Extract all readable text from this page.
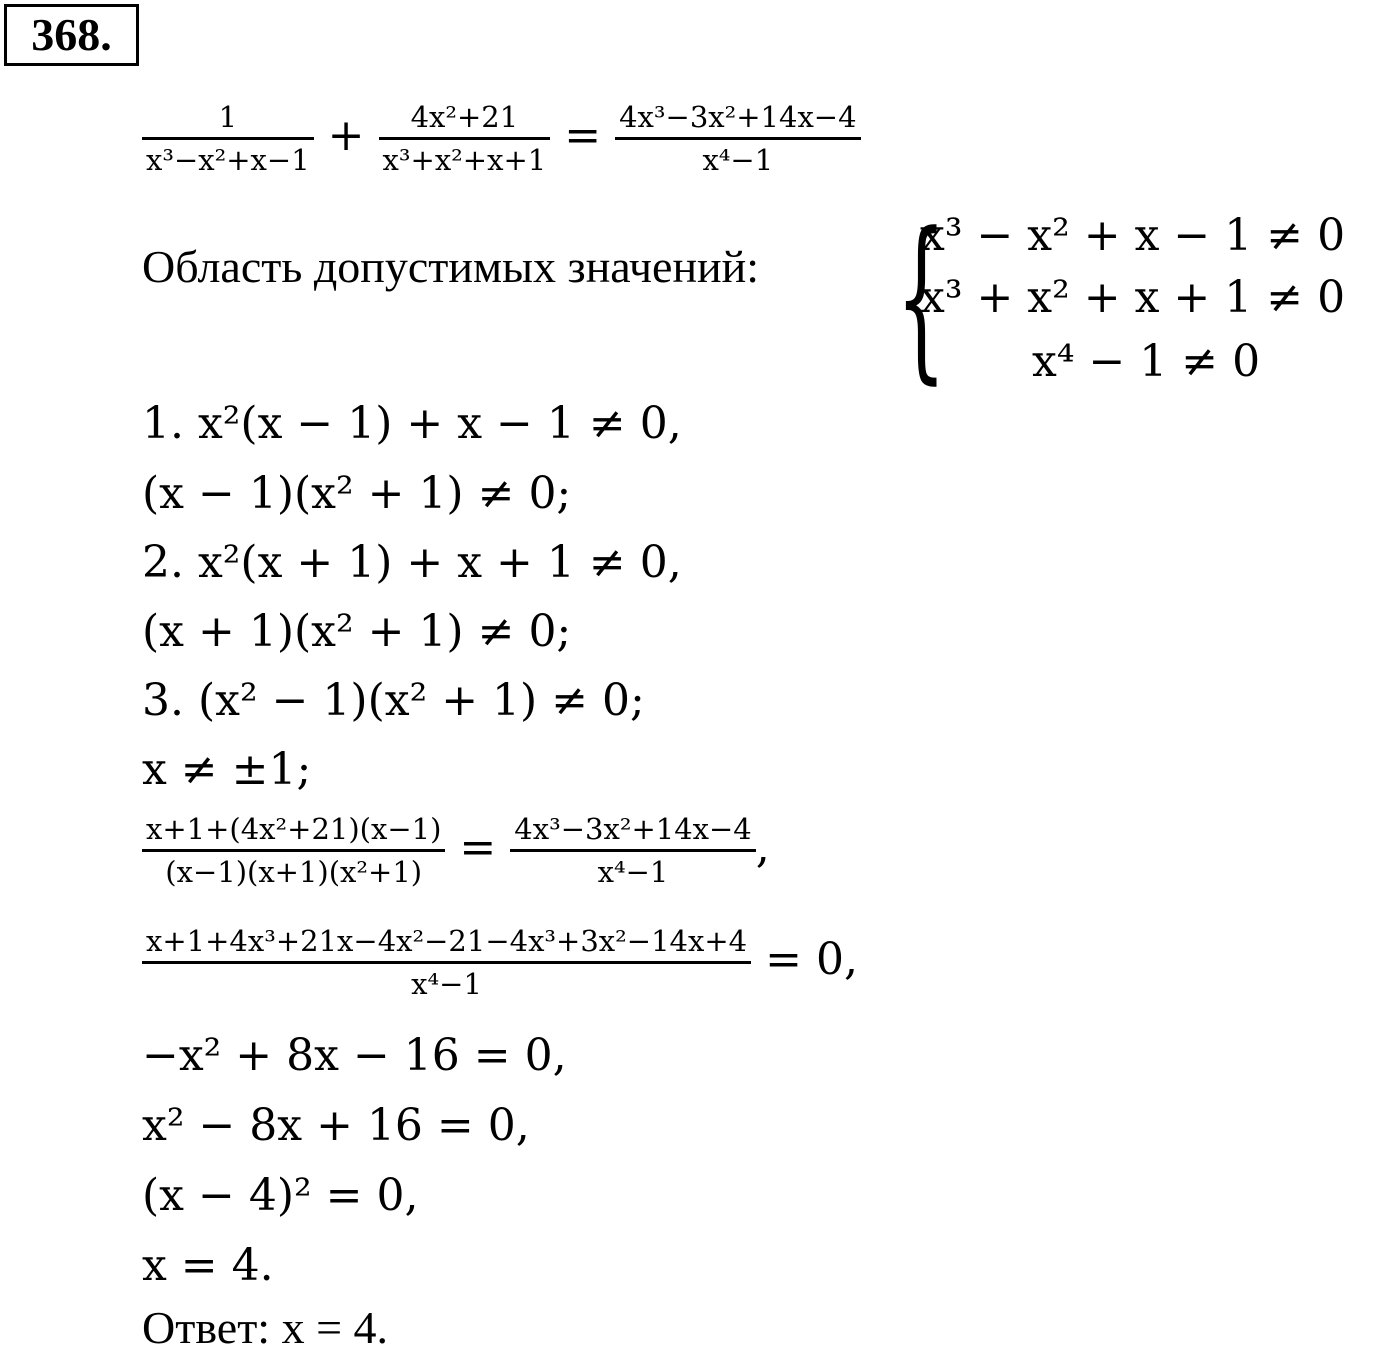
368.
$\frac{1}{\text{x³−x²+x−1}} + \frac{\text{4x²+21}}{\text{x³+x²+x+1}} = \frac{\text{4x³−3x²+14x−4}}{\text{x⁴−1}}$
Область допустимых значений: {
x³ − x² + x − 1 ≠ 0
x³ + x² + x + 1 ≠ 0
x⁴ − 1 ≠ 0
1. x²(x − 1) + x − 1 ≠ 0,
(x − 1)(x² + 1) ≠ 0;
2. x²(x + 1) + x + 1 ≠ 0,
(x + 1)(x² + 1) ≠ 0;
3. (x² − 1)(x² + 1) ≠ 0;
x ≠ ±1;
$\frac{\text{x+1+(4x²+21)(x−1)}}{\text{(x−1)(x+1)(x²+1)}} = \frac{\text{4x³−3x²+14x−4}}{\text{x⁴−1}}$ ,
$\frac{\text{x+1+4x³+21x−4x²−21−4x³+3x²−14x+4}}{\text{x⁴−1}} = 0$,
−x² + 8x − 16 = 0,
x² − 8x + 16 = 0,
(x − 4)² = 0,
x = 4.
Ответ: x = 4.
